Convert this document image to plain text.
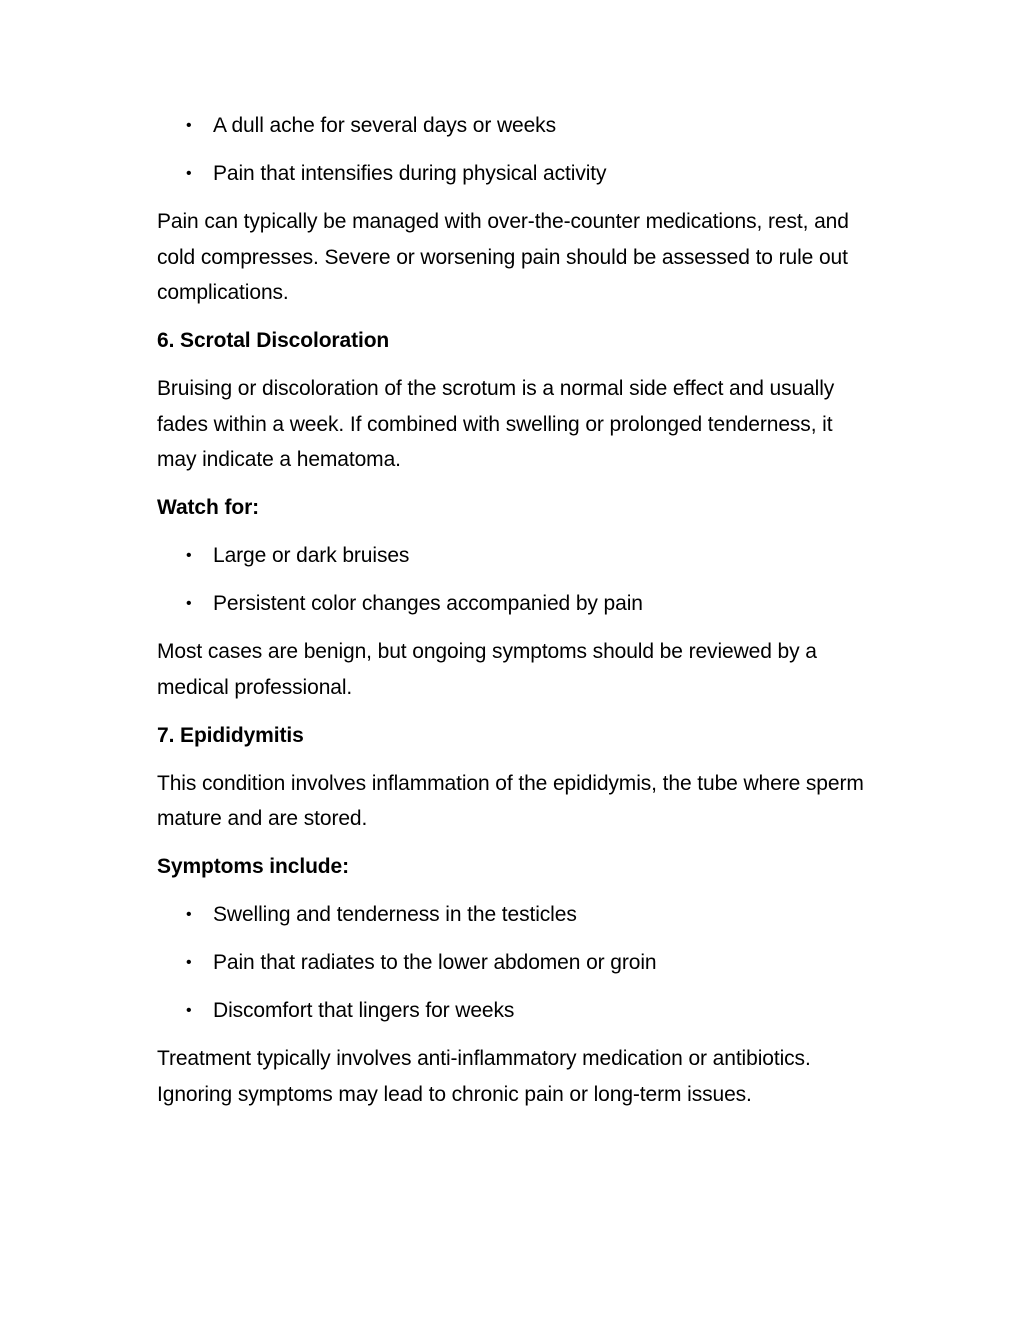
• A dull ache for several days or weeks
• Pain that intensifies during physical activity

Pain can typically be managed with over-the-counter medications, rest, and cold compresses. Severe or worsening pain should be assessed to rule out complications.

6. Scrotal Discoloration

Bruising or discoloration of the scrotum is a normal side effect and usually fades within a week. If combined with swelling or prolonged tenderness, it may indicate a hematoma.

Watch for:

• Large or dark bruises
• Persistent color changes accompanied by pain

Most cases are benign, but ongoing symptoms should be reviewed by a medical professional.

7. Epididymitis

This condition involves inflammation of the epididymis, the tube where sperm mature and are stored.

Symptoms include:

• Swelling and tenderness in the testicles
• Pain that radiates to the lower abdomen or groin
• Discomfort that lingers for weeks

Treatment typically involves anti-inflammatory medication or antibiotics. Ignoring symptoms may lead to chronic pain or long-term issues.
